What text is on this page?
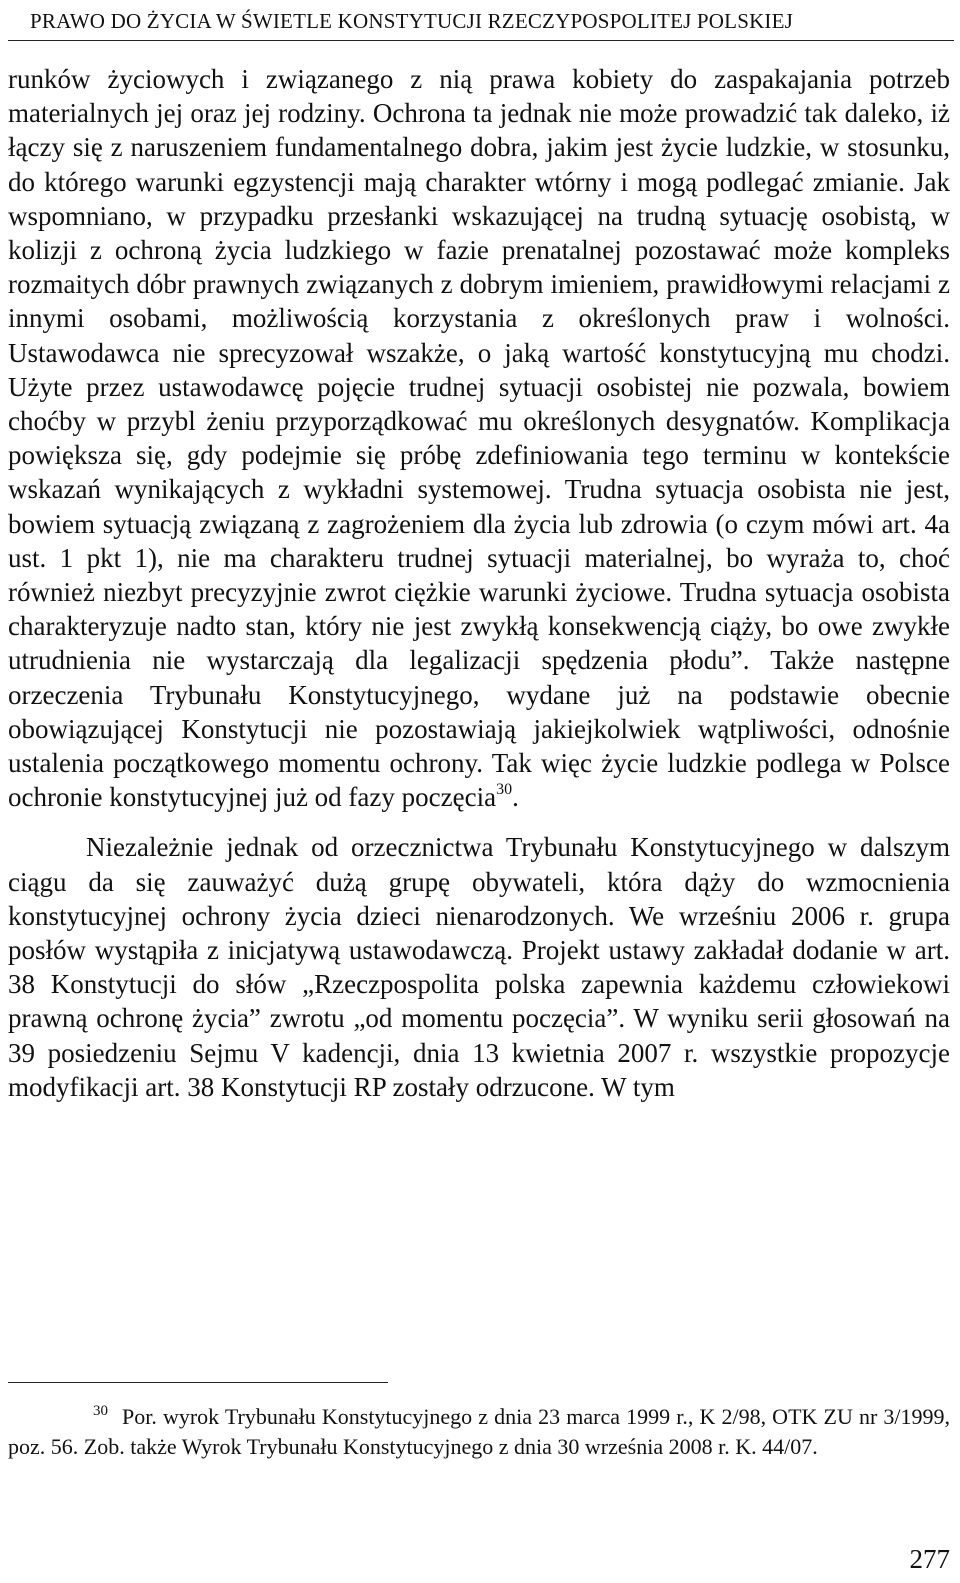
PRAWO DO ŻYCIA W ŚWIETLE KONSTYTUCJI RZECZYPOSPOLITEJ POLSKIEJ

runków życiowych i związanego z nią prawa kobiety do zaspakajania potrzeb materialnych jej oraz jej rodziny. Ochrona ta jednak nie może prowadzić tak daleko, iż łączy się z naruszeniem fundamentalnego dobra, jakim jest życie ludzkie, w stosunku, do którego warunki egzystencji mają charakter wtórny i mogą podlegać zmianie. Jak wspomniano, w przypadku przesłanki wskazującej na trudną sytuację osobistą, w kolizji z ochroną życia ludzkiego w fazie prenatalnej pozostawać może kompleks rozmaitych dóbr prawnych związanych z dobrym imieniem, prawidłowymi relacjami z innymi osobami, możliwością korzystania z określonych praw i wolności. Ustawodawca nie sprecyzował wszakże, o jaką wartość konstytucyjną mu chodzi. Użyte przez ustawodawcę pojęcie trudnej sytuacji osobistej nie pozwala, bowiem choćby w przybl żeniu przyporządkować mu określonych desygnatów. Komplikacja powiększa się, gdy podejmie się próbę zdefiniowania tego terminu w kontekście wskazań wynikających z wykładni systemowej. Trudna sytuacja osobista nie jest, bowiem sytuacją związaną z zagrożeniem dla życia lub zdrowia (o czym mówi art. 4a ust. 1 pkt 1), nie ma charakteru trudnej sytuacji materialnej, bo wyraża to, choć również niezbyt precyzyjnie zwrot ciężkie warunki życiowe. Trudna sytuacja osobista charakteryzuje nadto stan, który nie jest zwykłą konsekwencją ciąży, bo owe zwykłe utrudnienia nie wystarczają dla legalizacji spędzenia płodu”. Także następne orzeczenia Trybunału Konstytucyjnego, wydane już na podstawie obecnie obowiązującej Konstytucji nie pozostawiają jakiejkolwiek wątpliwości, odnośnie ustalenia początkowego momentu ochrony. Tak więc życie ludzkie podlega w Polsce ochronie konstytucyjnej już od fazy poczęcia$^{30}$.

Niezależnie jednak od orzecznictwa Trybunału Konstytucyjnego w dalszym ciągu da się zauważyć dużą grupę obywateli, która dąży do wzmocnienia konstytucyjnej ochrony życia dzieci nienarodzonych. We wrześniu 2006 r. grupa posłów wystąpiła z inicjatywą ustawodawczą. Projekt ustawy zakładał dodanie w art. 38 Konstytucji do słów „Rzeczpospolita polska zapewnia każdemu człowiekowi prawną ochronę życia” zwrotu „od momentu poczęcia”. W wyniku serii głosowań na 39 posiedzeniu Sejmu V kadencji, dnia 13 kwietnia 2007 r. wszystkie propozycje modyfikacji art. 38 Konstytucji RP zostały odrzucone. W tym

$^{30}$ Por. wyrok Trybunału Konstytucyjnego z dnia 23 marca 1999 r., K 2/98, OTK ZU nr 3/1999, poz. 56. Zob. także Wyrok Trybunału Konstytucyjnego z dnia 30 września 2008 r. K. 44/07.
277
